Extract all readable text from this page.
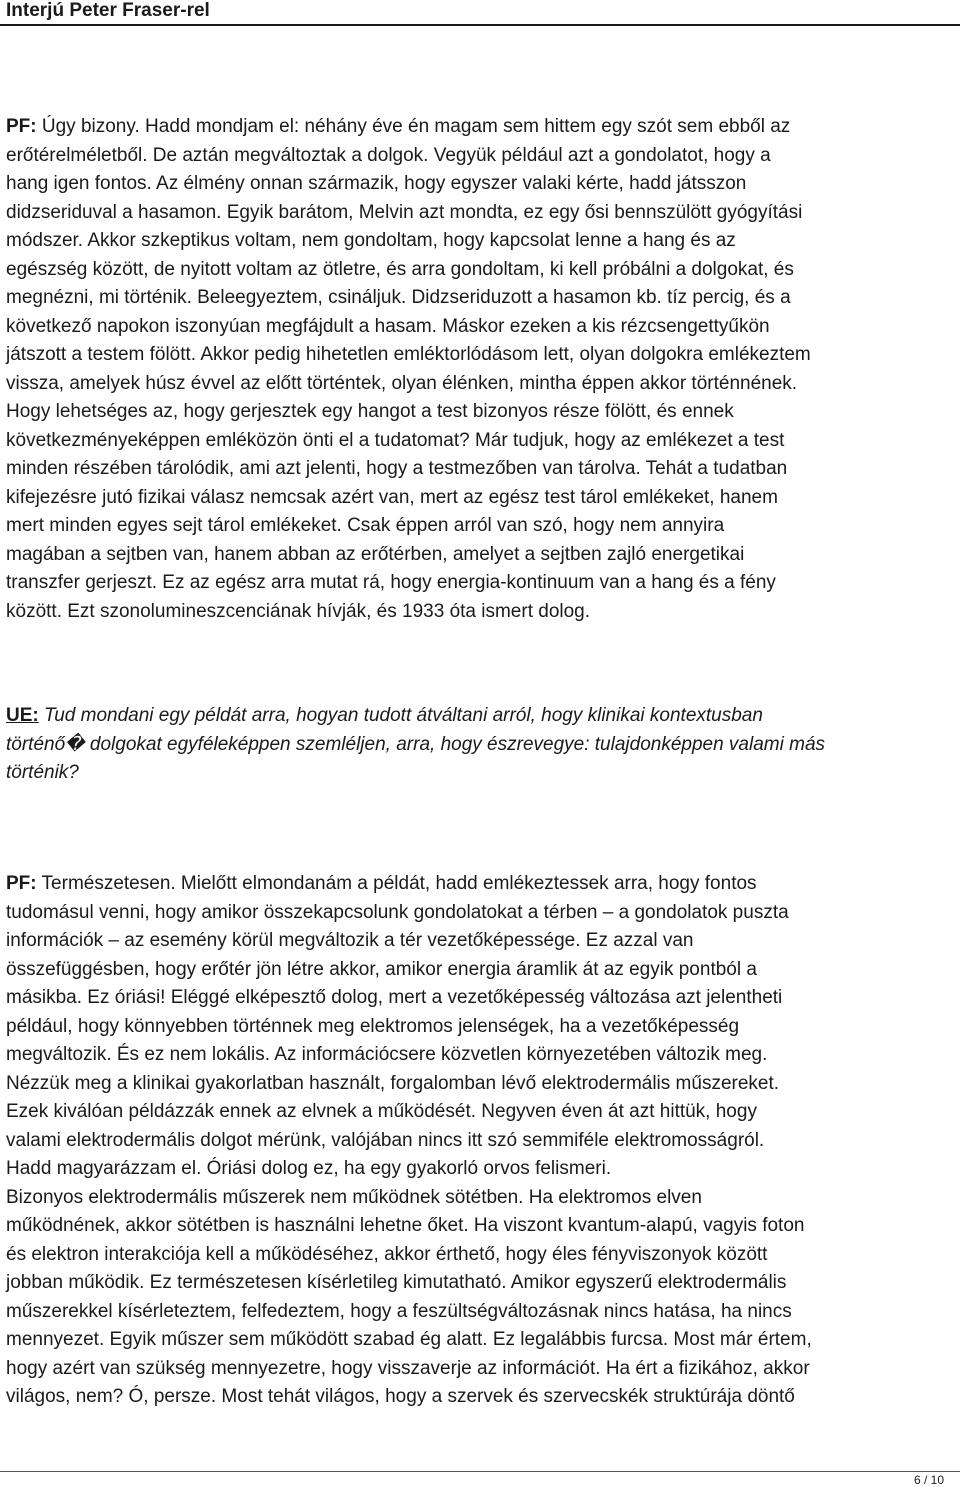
Interjú Peter Fraser-rel
PF: Úgy bizony. Hadd mondjam el: néhány éve én magam sem hittem egy szót sem ebből az
erőtérelméletből. De aztán megváltoztak a dolgok. Vegyük például azt a gondolatot, hogy a
hang igen fontos. Az élmény onnan származik, hogy egyszer valaki kérte, hadd játsszon
didzseriduval a hasamon. Egyik barátom, Melvin azt mondta, ez egy ősi bennszülött gyógyítási
módszer. Akkor szkeptikus voltam, nem gondoltam, hogy kapcsolat lenne a hang és az
egészség között, de nyitott voltam az ötletre, és arra gondoltam, ki kell próbálni a dolgokat, és
megnézni, mi történik. Beleegyeztem, csináljuk. Didzseriduzott a hasamon kb. tíz percig, és a
következő napokon iszonyúan megfájdult a hasam. Máskor ezeken a kis rézcsengettyűkön
játszott a testem fölött. Akkor pedig hihetetlen emléktorlódásom lett, olyan dolgokra emlékeztem
vissza, amelyek húsz évvel az előtt történtek, olyan élénken, mintha éppen akkor történnének.
Hogy lehetséges az, hogy gerjesztek egy hangot a test bizonyos része fölött, és ennek
következményeképpen emléközön önti el a tudatomat? Már tudjuk, hogy az emlékezet a test
minden részében tárolódik, ami azt jelenti, hogy a testmezőben van tárolva. Tehát a tudatban
kifejezésre jutó fizikai válasz nemcsak azért van, mert az egész test tárol emlékeket, hanem
mert minden egyes sejt tárol emlékeket. Csak éppen arról van szó, hogy nem annyira
magában a sejtben van, hanem abban az erőtérben, amelyet a sejtben zajló energetikai
transzfer gerjeszt. Ez az egész arra mutat rá, hogy energia-kontinuum van a hang és a fény
között. Ezt szonolumineszcenciának hívják, és 1933 óta ismert dolog.
UE: Tud mondani egy példát arra, hogyan tudott átváltani arról, hogy klinikai kontextusban
történő� dolgokat egyféleképpen szemléljen, arra, hogy észrevegye: tulajdonképpen valami más
történik?
PF: Természetesen. Mielőtt elmondanám a példát, hadd emlékeztessek arra, hogy fontos
tudomásul venni, hogy amikor összekapcsolunk gondolatokat a térben – a gondolatok puszta
információk – az esemény körül megváltozik a tér vezetőképessége. Ez azzal van
összefüggésben, hogy erőtér jön létre akkor, amikor energia áramlik át az egyik pontból a
másikba. Ez óriási! Eléggé elképesztő dolog, mert a vezetőképesség változása azt jelentheti
például, hogy könnyebben történnek meg elektromos jelenségek, ha a vezetőképesség
megváltozik. És ez nem lokális. Az információcsere közvetlen környezetében változik meg.
Nézzük meg a klinikai gyakorlatban használt, forgalomban lévő elektrodermális műszereket.
Ezek kiválóan példázzák ennek az elvnek a működését. Negyven éven át azt hittük, hogy
valami elektrodermális dolgot mérünk, valójában nincs itt szó semmiféle elektromosságról.
Hadd magyarázzam el. Óriási dolog ez, ha egy gyakorló orvos felismeri.
Bizonyos elektrodermális műszerek nem működnek sötétben. Ha elektromos elven
működnének, akkor sötétben is használni lehetne őket. Ha viszont kvantum-alapú, vagyis foton
és elektron interakciója kell a működéséhez, akkor érthető, hogy éles fényviszonyok között
jobban működik. Ez természetesen kísérletileg kimutatható. Amikor egyszerű elektrodermális
műszerekkel kísérleteztem, felfedeztem, hogy a feszültségváltozásnak nincs hatása, ha nincs
mennyezet. Egyik műszer sem működött szabad ég alatt. Ez legalábbis furcsa. Most már értem,
hogy azért van szükség mennyezetre, hogy visszaverje az információt. Ha ért a fizikához, akkor
világos, nem? Ó, persze. Most tehát világos, hogy a szervek és szervecskék struktúrája döntő
6 / 10
